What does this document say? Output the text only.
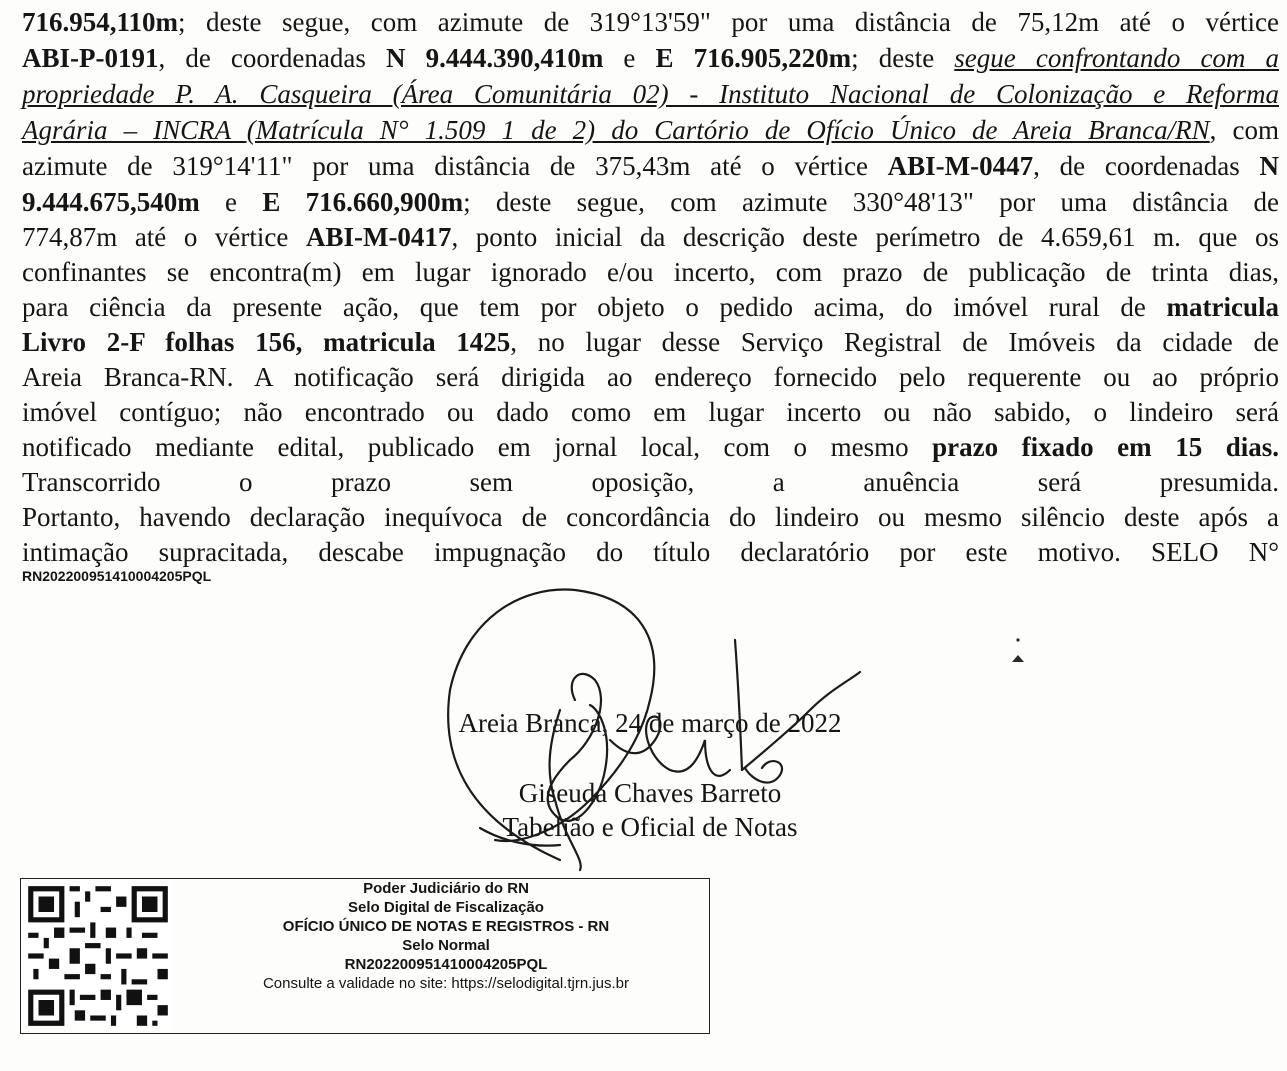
716.954,110m; deste segue, com azimute de 319°13'59" por uma distância de 75,12m até o vértice
ABI-P-0191, de coordenadas N 9.444.390,410m e E 716.905,220m; deste segue confrontando com a
propriedade P. A. Casqueira (Área Comunitária 02) - Instituto Nacional de Colonização e Reforma
Agrária – INCRA (Matrícula N° 1.509 1 de 2) do Cartório de Ofício Único de Areia Branca/RN, com
azimute de 319°14'11" por uma distância de 375,43m até o vértice ABI-M-0447, de coordenadas N
9.444.675,540m e E 716.660,900m; deste segue, com azimute 330°48'13" por uma distância de
774,87m até o vértice ABI-M-0417, ponto inicial da descrição deste perímetro de 4.659,61 m. que os
confinantes se encontra(m) em lugar ignorado e/ou incerto, com prazo de publicação de trinta dias,
para ciência da presente ação, que tem por objeto o pedido acima, do imóvel rural de matricula
Livro 2-F folhas 156, matricula 1425, no lugar desse Serviço Registral de Imóveis da cidade de
Areia Branca-RN. A notificação será dirigida ao endereço fornecido pelo requerente ou ao próprio
imóvel contíguo; não encontrado ou dado como em lugar incerto ou não sabido, o lindeiro será
notificado mediante edital, publicado em jornal local, com o mesmo prazo fixado em 15 dias.
Transcorrido o prazo sem oposição, a anuência será presumida.
Portanto, havendo declaração inequívoca de concordância do lindeiro ou mesmo silêncio deste após a
intimação supracitada, descabe impugnação do título declaratório por este motivo. SELO N°
RN20220095141000420​5PQL
Areia Branca, 24 de março de 2022
Giseuda Chaves Barreto
Tabelião e Oficial de Notas
Poder Judiciário do RN
Selo Digital de Fiscalização
OFÍCIO ÚNICO DE NOTAS E REGISTROS - RN
Selo Normal
RN20220095141000420​5PQL
Consulte a validade no site: https://selodigital.tjrn.jus.br
